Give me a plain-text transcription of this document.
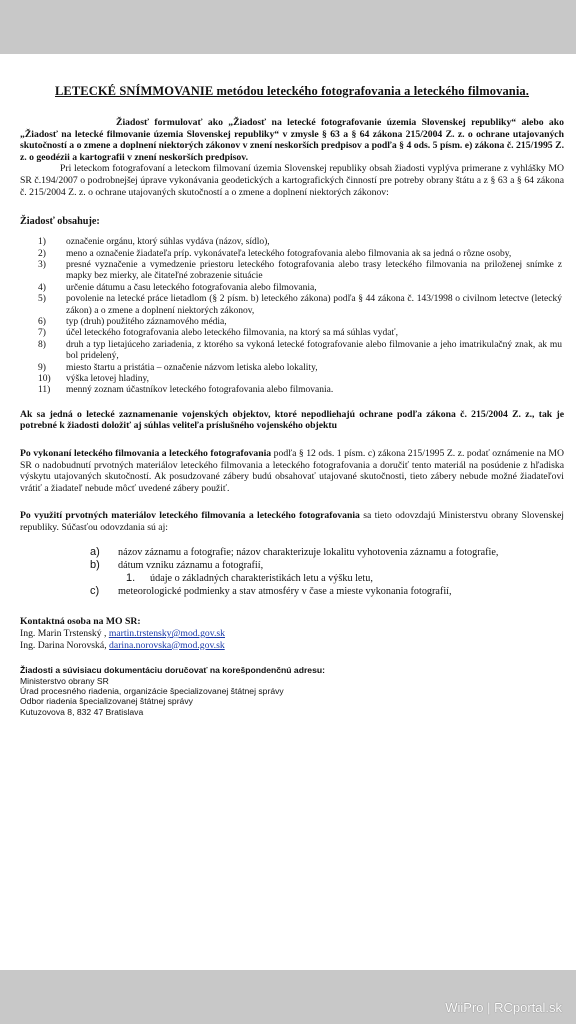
LETECKÉ SNÍMMOVANIE metódou leteckého fotografovania a leteckého filmovania.

Žiadosť formulovať ako „Žiadosť na letecké fotografovanie územia Slovenskej republiky“ alebo ako „Žiadosť na letecké filmovanie územia Slovenskej republiky“ v zmysle § 63 a § 64 zákona 215/2004 Z. z. o ochrane utajovaných skutočností a o zmene a doplnení niektorých zákonov v znení neskorších predpisov a podľa § 4 ods. 5 písm. e) zákona č. 215/1995 Z. z. o geodézii a kartografii v znení neskorších predpisov.

Pri leteckom fotografovaní a leteckom filmovaní územia Slovenskej republiky obsah žiadosti vyplýva primerane z vyhlášky MO SR č.194/2007 o podrobnejšej úprave vykonávania geodetických a kartografických činností pre potreby obrany štátu a z § 63 a § 64 zákona č. 215/2004 Z. z. o ochrane utajovaných skutočností a o zmene a doplnení niektorých zákonov:

Žiadosť obsahuje:
1)	označenie orgánu, ktorý súhlas vydáva (názov, sídlo),
2)	meno a označenie žiadateľa príp. vykonávateľa leteckého fotografovania alebo filmovania ak sa jedná o rôzne osoby,
3)	presné vyznačenie a vymedzenie priestoru leteckého fotografovania alebo trasy leteckého filmovania na priloženej snímke z mapky bez mierky, ale čitateľné zobrazenie situácie
4)	určenie dátumu a času leteckého fotografovania alebo filmovania,
5)	povolenie na letecké práce lietadlom (§ 2 písm. b) leteckého zákona) podľa § 44 zákona č. 143/1998 o civilnom letectve (letecký zákon) a o zmene a doplnení niektorých zákonov,
6)	typ (druh) použitého záznamového média,
7)	účel leteckého fotografovania alebo leteckého filmovania, na ktorý sa má súhlas vydať,
8)	druh a typ lietajúceho zariadenia, z ktorého sa vykoná letecké fotografovanie alebo filmovanie a jeho imatrikulačný znak, ak mu bol pridelený,
9)	miesto štartu a pristátia – označenie názvom letiska alebo lokality,
10)	výška letovej hladiny,
11)	menný zoznam účastníkov leteckého fotografovania alebo filmovania.

Ak sa jedná o letecké zaznamenanie vojenských objektov, ktoré nepodliehajú ochrane podľa zákona č. 215/2004 Z. z., tak je potrebné k žiadosti doložiť aj súhlas veliteľa príslušného vojenského objektu

Po vykonaní leteckého filmovania a leteckého fotografovania podľa § 12 ods. 1 písm. c) zákona 215/1995 Z. z. podať oznámenie na MO SR o nadobudnutí prvotných materiálov leteckého filmovania a leteckého fotografovania a doručiť tento materiál na posúdenie z hľadiska výskytu utajovaných skutočností. Ak posudzované zábery budú obsahovať utajované skutočnosti, tieto zábery nebude možné žiadateľovi vrátiť a žiadateľ nebude môcť uvedené zábery použiť.

Po využití prvotných materiálov leteckého filmovania a leteckého fotografovania sa tieto odovzdajú Ministerstvu obrany Slovenskej republiky. Súčasťou odovzdania sú aj:

a)	názov záznamu a fotografie; názov charakterizuje lokalitu vyhotovenia záznamu a fotografie,
b)	dátum vzniku záznamu a fotografií,
1.	údaje o základných charakteristikách letu a výšku letu,
c)	meteorologické podmienky a stav atmosféry v čase a mieste vykonania fotografií,

Kontaktná osoba na MO SR:

Ing. Marin Trstenský , martin.trstensky@mod.gov.sk

Ing. Darina Norovská, darina.norovska@mod.gov.sk

Žiadosti a súvisiacu dokumentáciu doručovať na korešpondenčnú adresu:

Ministerstvo obrany SR

Úrad procesného riadenia, organizácie špecializovanej štátnej správy

Odbor riadenia špecializovanej štátnej správy

Kutuzovova 8, 832 47 Bratislava

WiiPro | RCportal.sk
